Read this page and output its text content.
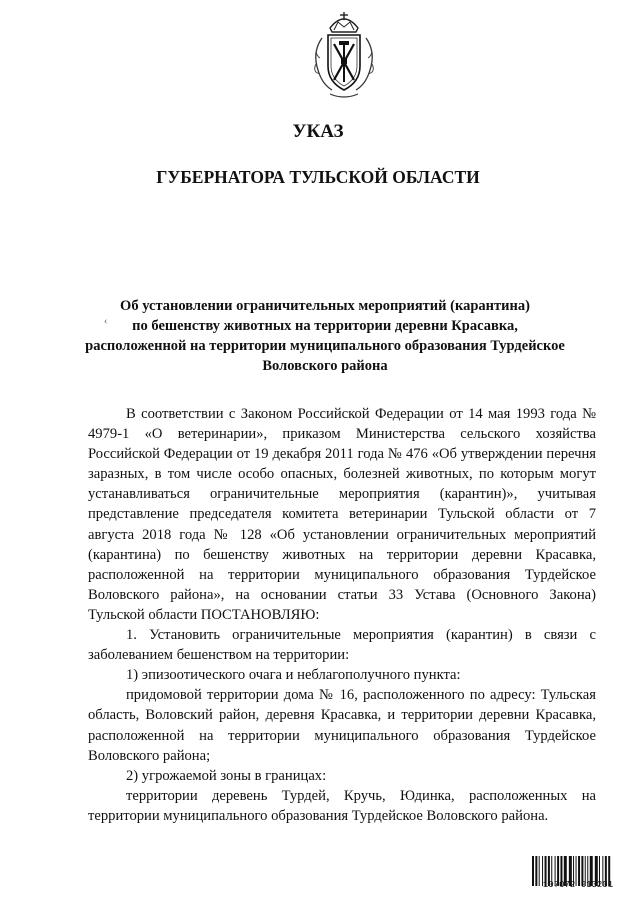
УКАЗ
ГУБЕРНАТОРА ТУЛЬСКОЙ ОБЛАСТИ
‹
Об установлении ограничительных мероприятий (карантина)
по бешенству животных на территории деревни Красавка,
расположенной на территории муниципального образования Турдейское
Воловского района

В соответствии с Законом Российской Федерации от 14 мая 1993 года № 4979-1 «О ветеринарии», приказом Министерства сельского хозяйства Российской Федерации от 19 декабря 2011 года № 476 «Об утверждении перечня заразных, в том числе особо опасных, болезней животных, по которым могут устанавливаться ограничительные мероприятия (карантин)», учитывая представление председателя комитета ветеринарии Тульской области от 7 августа 2018 года № 128 «Об установлении ограничительных мероприятий (карантина) по бешенству животных на территории деревни Красавка, расположенной на территории муниципального образования Турдейское Воловского района», на основании статьи 33 Устава (Основного Закона) Тульской области ПОСТАНОВЛЯЮ:

1. Установить ограничительные мероприятия (карантин) в связи с заболеванием бешенством на территории:

1) эпизоотического очага и неблагополучного пункта:

придомовой территории дома № 16, расположенного по адресу: Тульская область, Воловский район, деревня Красавка, и территории деревни Красавка, расположенной на территории муниципального образования Турдейское Воловского района;

2) угрожаемой зоны в границах:

территории деревень Турдей, Кручь, Юдинка, расположенных на территории муниципального образования Турдейское Воловского района.

107072 913201
